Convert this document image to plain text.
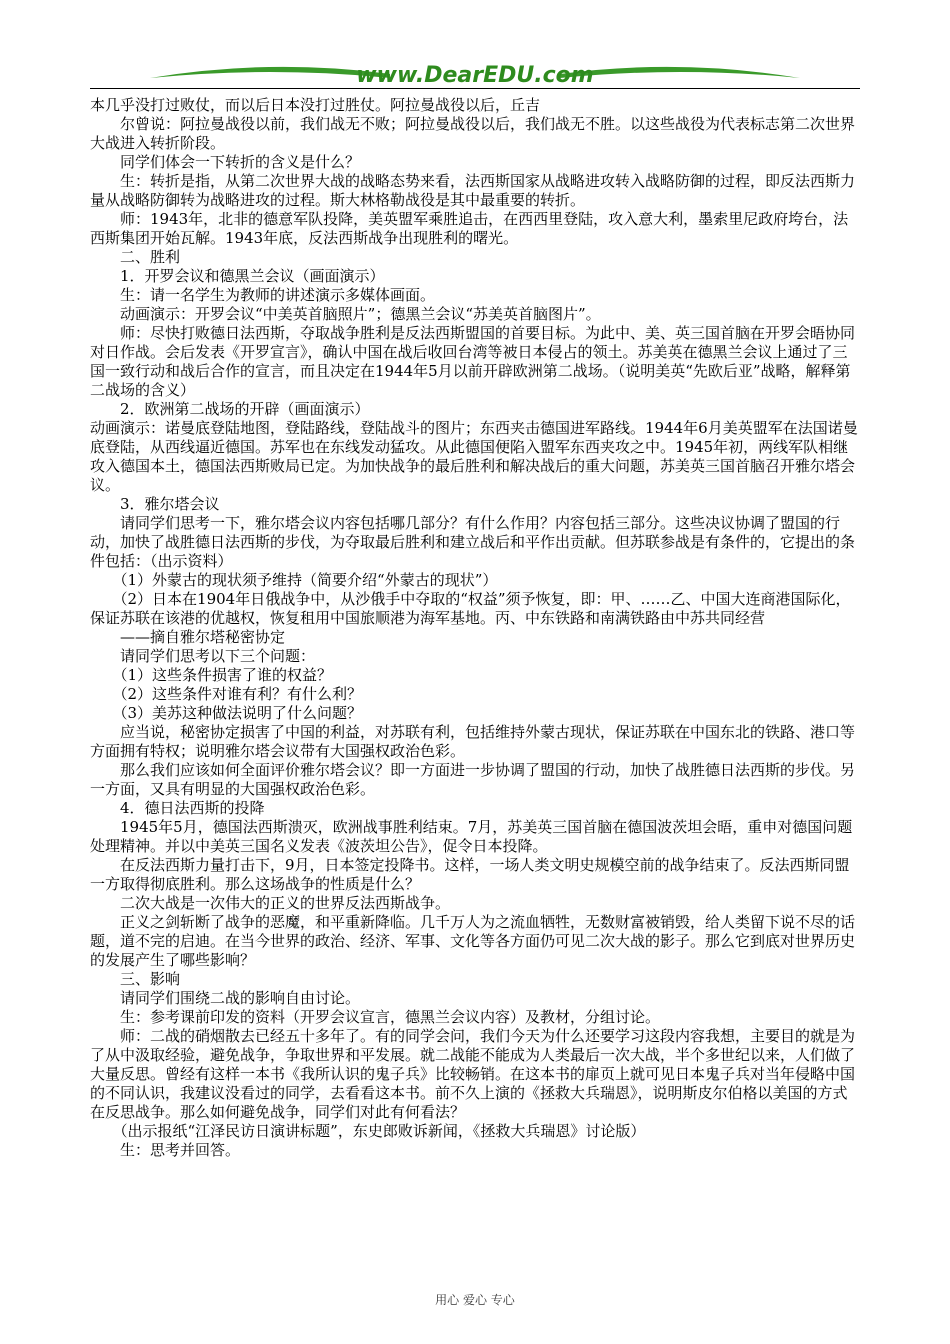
www.DearEDU.com

本几乎没打过败仗，而以后日本没打过胜仗。阿拉曼战役以后，丘吉

　　尔曾说：阿拉曼战役以前，我们战无不败；阿拉曼战役以后，我们战无不胜。以这些战役为代表标志第二次世界大战进入转折阶段。

　　同学们体会一下转折的含义是什么？

　　生：转折是指，从第二次世界大战的战略态势来看，法西斯国家从战略进攻转入战略防御的过程，即反法西斯力量从战略防御转为战略进攻的过程。斯大林格勒战役是其中最重要的转折。

　　师：1943年，北非的德意军队投降，美英盟军乘胜追击，在西西里登陆，攻入意大利，墨索里尼政府垮台，法西斯集团开始瓦解。1943年底，反法西斯战争出现胜利的曙光。

　　二、胜利

　　1．开罗会议和德黑兰会议（画面演示）

　　生：请一名学生为教师的讲述演示多媒体画面。

　　动画演示：开罗会议“中美英首脑照片”；德黑兰会议“苏美英首脑图片”。

　　师：尽快打败德日法西斯，夺取战争胜利是反法西斯盟国的首要目标。为此中、美、英三国首脑在开罗会晤协同对日作战。会后发表《开罗宣言》，确认中国在战后收回台湾等被日本侵占的领土。苏美英在德黑兰会议上通过了三国一致行动和战后合作的宣言，而且决定在1944年5月以前开辟欧洲第二战场。（说明美英“先欧后亚”战略，解释第二战场的含义）

　　2．欧洲第二战场的开辟（画面演示）

动画演示：诺曼底登陆地图，登陆路线，登陆战斗的图片；东西夹击德国进军路线。1944年6月美英盟军在法国诺曼底登陆，从西线逼近德国。苏军也在东线发动猛攻。从此德国便陷入盟军东西夹攻之中。1945年初，两线军队相继攻入德国本土，德国法西斯败局已定。为加快战争的最后胜利和解决战后的重大问题，苏美英三国首脑召开雅尔塔会议。

　　3．雅尔塔会议

　　请同学们思考一下，雅尔塔会议内容包括哪几部分？有什么作用？内容包括三部分。这些决议协调了盟国的行动，加快了战胜德日法西斯的步伐，为夺取最后胜利和建立战后和平作出贡献。但苏联参战是有条件的，它提出的条件包括：（出示资料）

　　（1）外蒙古的现状须予维持（简要介绍“外蒙古的现状”）

　　（2）日本在1904年日俄战争中，从沙俄手中夺取的“权益”须予恢复，即：甲、……乙、中国大连商港国际化，保证苏联在该港的优越权，恢复租用中国旅顺港为海军基地。丙、中东铁路和南满铁路由中苏共同经营

　　——摘自雅尔塔秘密协定

　　请同学们思考以下三个问题：

　　（1）这些条件损害了谁的权益？

　　（2）这些条件对谁有利？有什么利？

　　（3）美苏这种做法说明了什么问题？

　　应当说，秘密协定损害了中国的利益，对苏联有利，包括维持外蒙古现状，保证苏联在中国东北的铁路、港口等方面拥有特权；说明雅尔塔会议带有大国强权政治色彩。

　　那么我们应该如何全面评价雅尔塔会议？即一方面进一步协调了盟国的行动，加快了战胜德日法西斯的步伐。另一方面，又具有明显的大国强权政治色彩。

　　4．德日法西斯的投降

　　1945年5月，德国法西斯溃灭，欧洲战事胜利结束。7月，苏美英三国首脑在德国波茨坦会晤，重申对德国问题处理精神。并以中美英三国名义发表《波茨坦公告》，促令日本投降。

　　在反法西斯力量打击下，9月，日本签定投降书。这样，一场人类文明史规模空前的战争结束了。反法西斯同盟一方取得彻底胜利。那么这场战争的性质是什么？

　　二次大战是一次伟大的正义的世界反法西斯战争。

　　正义之剑斩断了战争的恶魔，和平重新降临。几千万人为之流血牺牲，无数财富被销毁，给人类留下说不尽的话题，道不完的启迪。在当今世界的政治、经济、军事、文化等各方面仍可见二次大战的影子。那么它到底对世界历史的发展产生了哪些影响？

　　三、影响

　　请同学们围绕二战的影响自由讨论。

　　生：参考课前印发的资料（开罗会议宣言，德黑兰会议内容）及教材，分组讨论。

　　师：二战的硝烟散去已经五十多年了。有的同学会问，我们今天为什么还要学习这段内容我想，主要目的就是为了从中汲取经验，避免战争，争取世界和平发展。就二战能不能成为人类最后一次大战，半个多世纪以来，人们做了大量反思。曾经有这样一本书《我所认识的鬼子兵》比较畅销。在这本书的扉页上就可见日本鬼子兵对当年侵略中国的不同认识，我建议没看过的同学，去看看这本书。前不久上演的《拯救大兵瑞恩》，说明斯皮尔伯格以美国的方式在反思战争。那么如何避免战争，同学们对此有何看法？

　　（出示报纸“江泽民访日演讲标题”，东史郎败诉新闻，《拯救大兵瑞恩》讨论版）

　　生：思考并回答。

用心 爱心 专心
